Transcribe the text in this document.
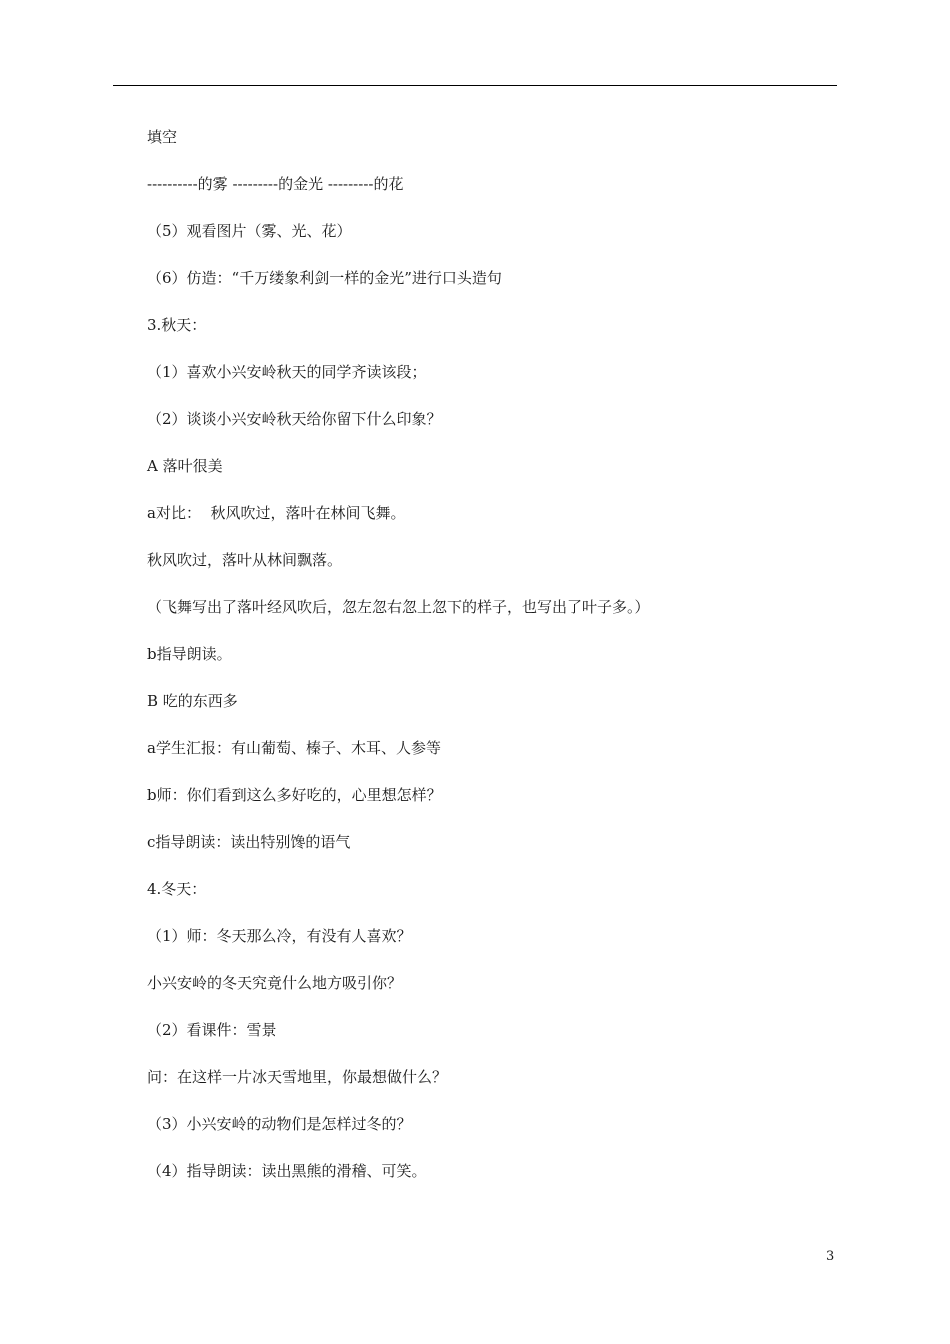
填空
----------的雾 ---------的金光 ---------的花
（5）观看图片（雾、光、花）
（6）仿造：“千万缕象利剑一样的金光”进行口头造句
3.秋天：
（1）喜欢小兴安岭秋天的同学齐读该段；
（2）谈谈小兴安岭秋天给你留下什么印象？
A 落叶很美
a对比：  秋风吹过，落叶在林间飞舞。
秋风吹过，落叶从林间飘落。
（飞舞写出了落叶经风吹后，忽左忽右忽上忽下的样子，也写出了叶子多。）
b指导朗读。
B 吃的东西多
a学生汇报：有山葡萄、榛子、木耳、人参等
b师：你们看到这么多好吃的，心里想怎样？
c指导朗读：读出特别馋的语气
4.冬天：
（1）师：冬天那么冷，有没有人喜欢？
小兴安岭的冬天究竟什么地方吸引你？
（2）看课件：雪景
问：在这样一片冰天雪地里，你最想做什么？
（3）小兴安岭的动物们是怎样过冬的？
（4）指导朗读：读出黑熊的滑稽、可笑。
3
